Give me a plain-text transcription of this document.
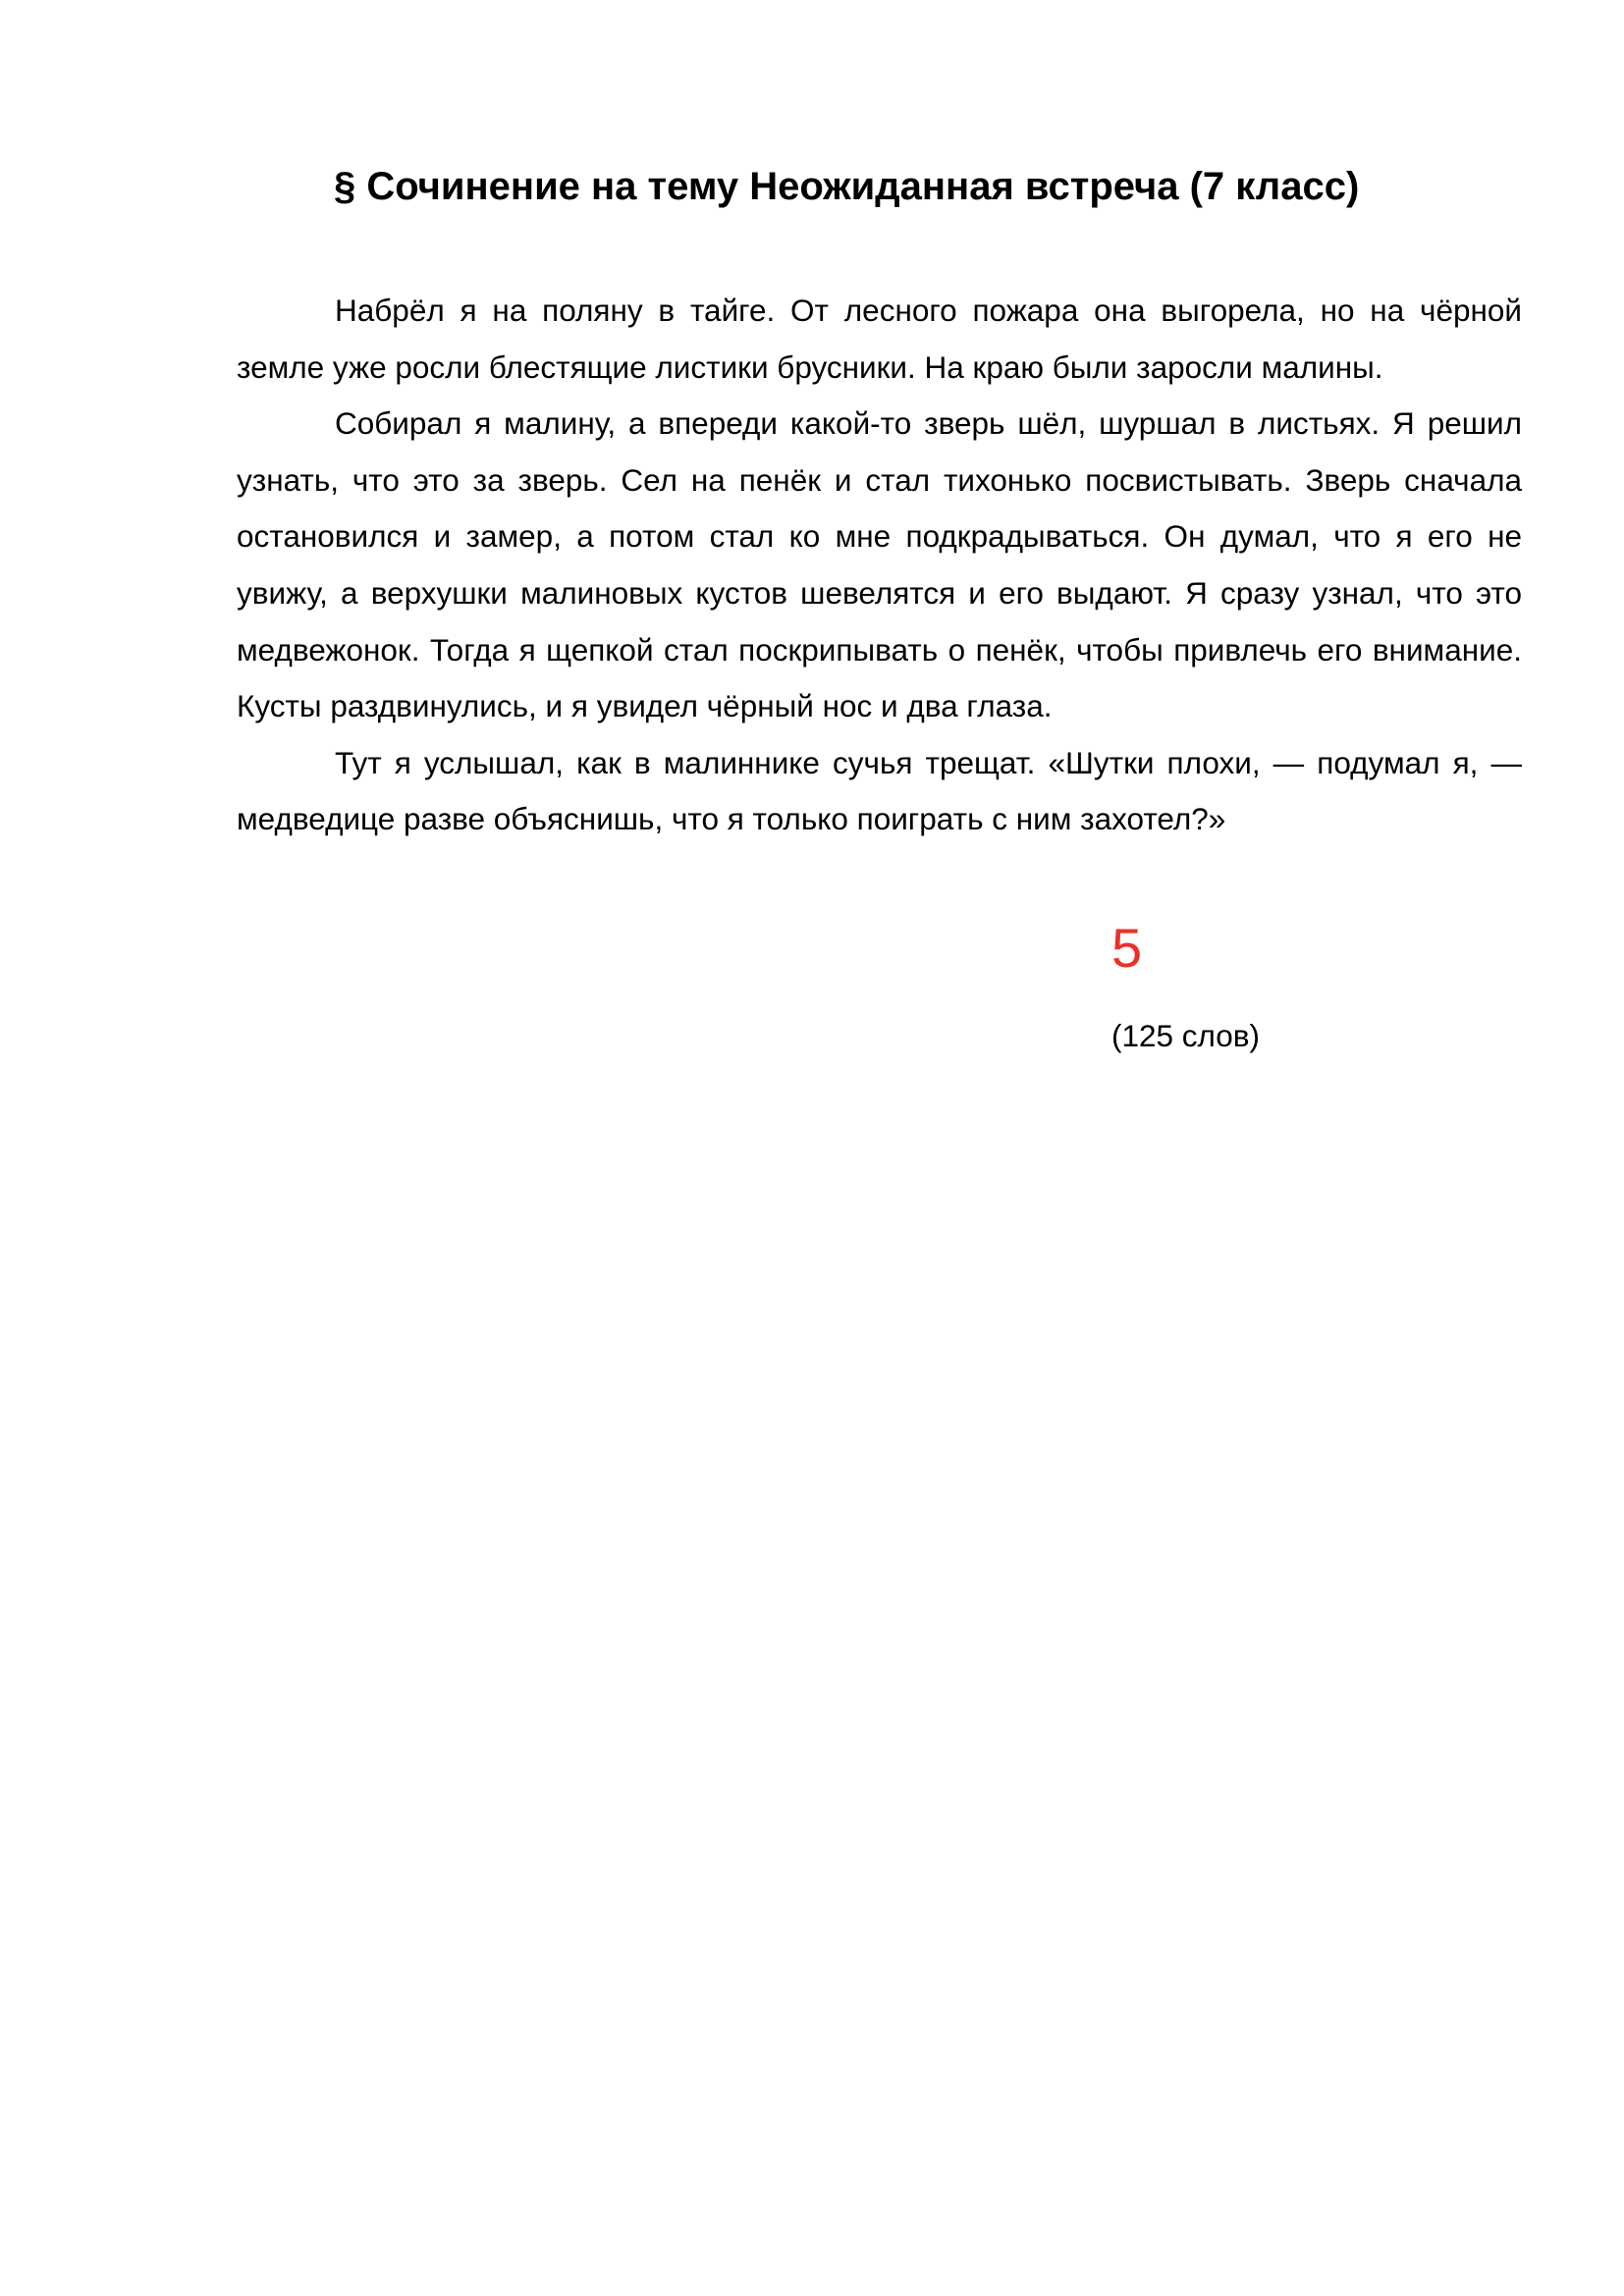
§ Сочинение на тему Неожиданная встреча (7 класс)

Набрёл я на поляну в тайге. От лесного пожара она выгорела, но на чёрной земле уже росли блестящие листики брусники. На краю были заросли малины.

Собирал я малину, а впереди какой-то зверь шёл, шуршал в листьях. Я решил узнать, что это за зверь. Сел на пенёк и стал тихонько посвистывать. Зверь сначала остановился и замер, а потом стал ко мне подкрадываться. Он думал, что я его не увижу, а верхушки малиновых кустов шевелятся и его выдают. Я сразу узнал, что это медвежонок. Тогда я щепкой стал поскрипывать о пенёк, чтобы привлечь его внимание. Кусты раздвинулись, и я увидел чёрный нос и два глаза.

Тут я услышал, как в малиннике сучья трещат. «Шутки плохи, — подумал я, — медведице разве объяснишь, что я только поиграть с ним захотел?»

5
(125 слов)
